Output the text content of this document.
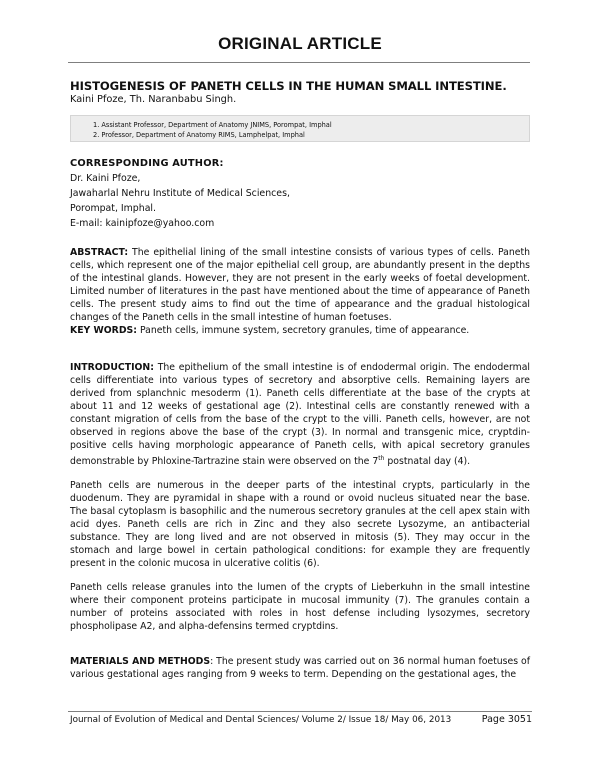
ORIGINAL ARTICLE
HISTOGENESIS OF PANETH CELLS IN THE HUMAN SMALL INTESTINE.
Kaini Pfoze, Th. Naranbabu Singh.
1. Assistant Professor, Department of Anatomy JNIMS, Porompat, Imphal
2. Professor, Department of Anatomy RIMS, Lamphelpat, Imphal
CORRESPONDING AUTHOR:
Dr. Kaini Pfoze,
Jawaharlal Nehru Institute of Medical Sciences,
Porompat, Imphal.
E-mail: kainipfoze@yahoo.com
ABSTRACT: The epithelial lining of the small intestine consists of various types of cells. Paneth cells, which represent one of the major epithelial cell group, are abundantly present in the depths of the intestinal glands. However, they are not present in the early weeks of foetal development. Limited number of literatures in the past have mentioned about the time of appearance of Paneth cells. The present study aims to find out the time of appearance and the gradual histological changes of the Paneth cells in the small intestine of human foetuses.
KEY WORDS: Paneth cells, immune system, secretory granules, time of appearance.
INTRODUCTION: The epithelium of the small intestine is of endodermal origin. The endodermal cells differentiate into various types of secretory and absorptive cells. Remaining layers are derived from splanchnic mesoderm (1). Paneth cells differentiate at the base of the crypts at about 11 and 12 weeks of gestational age (2). Intestinal cells are constantly renewed with a constant migration of cells from the base of the crypt to the villi. Paneth cells, however, are not observed in regions above the base of the crypt (3). In normal and transgenic mice, cryptdin-positive cells having morphologic appearance of Paneth cells, with apical secretory granules demonstrable by Phloxine-Tartrazine stain were observed on the 7th postnatal day (4).
Paneth cells are numerous in the deeper parts of the intestinal crypts, particularly in the duodenum. They are pyramidal in shape with a round or ovoid nucleus situated near the base. The basal cytoplasm is basophilic and the numerous secretory granules at the cell apex stain with acid dyes. Paneth cells are rich in Zinc and they also secrete Lysozyme, an antibacterial substance. They are long lived and are not observed in mitosis (5). They may occur in the stomach and large bowel in certain pathological conditions: for example they are frequently present in the colonic mucosa in ulcerative colitis (6).
Paneth cells release granules into the lumen of the crypts of Lieberkuhn in the small intestine where their component proteins participate in mucosal immunity (7). The granules contain a number of proteins associated with roles in host defense including lysozymes, secretory phospholipase A2, and alpha-defensins termed cryptdins.
MATERIALS AND METHODS: The present study was carried out on 36 normal human foetuses of various gestational ages ranging from 9 weeks to term. Depending on the gestational ages, the
Journal of Evolution of Medical and Dental Sciences/ Volume 2/ Issue 18/ May 06, 2013	Page 3051
